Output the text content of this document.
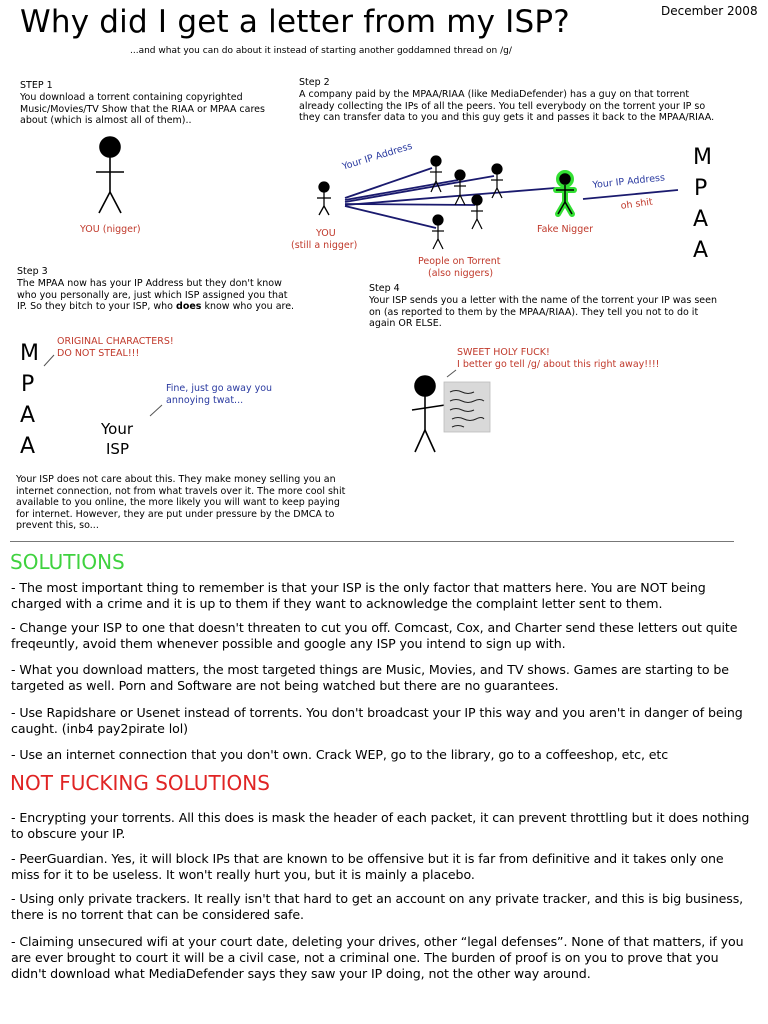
Why did I get a letter from my ISP?	December 2008
...and what you can do about it instead of starting another goddamned thread on /g/
STEP 1
You download a torrent containing copyrighted Music/Movies/TV Show that the RIAA or MPAA cares about (which is almost all of them)..
YOU (nigger)
Step 2
A company paid by the MPAA/RIAA (like MediaDefender) has a guy on that torrent already collecting the IPs of all the peers. You tell everybody on the torrent your IP so they can transfer data to you and this guy gets it and passes it back to the MPAA/RIAA.
Your IP Address
Your IP Address
oh shit
YOU
(still a nigger)
Fake Nigger
People on Torrent
(also niggers)
M
P
A
A
Step 3
The MPAA now has your IP Address but they don't know who you personally are, just which ISP assigned you that IP. So they bitch to your ISP, who does know who you are.
M
P
A
A
ORIGINAL CHARACTERS!
DO NOT STEAL!!!
Fine, just go away you
annoying twat...
Your
ISP
Your ISP does not care about this. They make money selling you an internet connection, not from what travels over it. The more cool shit available to you online, the more likely you will want to keep paying for internet. However, they are put under pressure by the DMCA to prevent this, so...
Step 4
Your ISP sends you a letter with the name of the torrent your IP was seen on (as reported to them by the MPAA/RIAA). They tell you not to do it again OR ELSE.
SWEET HOLY FUCK!
I better go tell /g/ about this right away!!!!
SOLUTIONS
- The most important thing to remember is that your ISP is the only factor that matters here. You are NOT being charged with a crime and it is up to them if they want to acknowledge the complaint letter sent to them.
- Change your ISP to one that doesn't threaten to cut you off. Comcast, Cox, and Charter send these letters out quite freqeuntly, avoid them whenever possible and google any ISP you intend to sign up with.
- What you download matters, the most targeted things are Music, Movies, and TV shows. Games are starting to be targeted as well. Porn and Software are not being watched but there are no guarantees.
- Use Rapidshare or Usenet instead of torrents. You don't broadcast your IP this way and you aren't in danger of being caught. (inb4 pay2pirate lol)
- Use an internet connection that you don't own. Crack WEP, go to the library, go to a coffeeshop, etc, etc
NOT FUCKING SOLUTIONS
- Encrypting your torrents. All this does is mask the header of each packet, it can prevent throttling but it does nothing to obscure your IP.
- PeerGuardian. Yes, it will block IPs that are known to be offensive but it is far from definitive and it takes only one miss for it to be useless. It won't really hurt you, but it is mainly a placebo.
- Using only private trackers. It really isn't that hard to get an account on any private tracker, and this is big business, there is no torrent that can be considered safe.
- Claiming unsecured wifi at your court date, deleting your drives, other “legal defenses”. None of that matters, if you are ever brought to court it will be a civil case, not a criminal one. The burden of proof is on you to prove that you didn't download what MediaDefender says they saw your IP doing, not the other way around.
